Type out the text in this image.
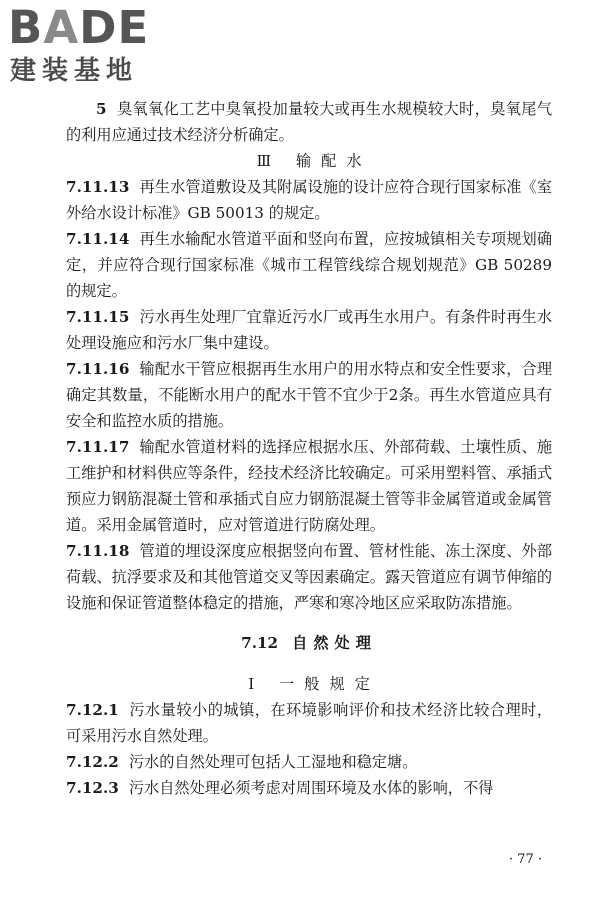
BADE
建装基地

5 臭氧氧化工艺中臭氧投加量较大或再生水规模较大时，臭氧尾气的利用应通过技术经济分析确定。

Ⅲ 输配水

7.11.13 再生水管道敷设及其附属设施的设计应符合现行国家标准《室外给水设计标准》GB 50013 的规定。

7.11.14 再生水输配水管道平面和竖向布置，应按城镇相关专项规划确定，并应符合现行国家标准《城市工程管线综合规划规范》GB 50289 的规定。

7.11.15 污水再生处理厂宜靠近污水厂或再生水用户。有条件时再生水处理设施应和污水厂集中建设。

7.11.16 输配水干管应根据再生水用户的用水特点和安全性要求，合理确定其数量，不能断水用户的配水干管不宜少于2条。再生水管道应具有安全和监控水质的措施。

7.11.17 输配水管道材料的选择应根据水压、外部荷载、土壤性质、施工维护和材料供应等条件，经技术经济比较确定。可采用塑料管、承插式预应力钢筋混凝土管和承插式自应力钢筋混凝土管等非金属管道或金属管道。采用金属管道时，应对管道进行防腐处理。

7.11.18 管道的埋设深度应根据竖向布置、管材性能、冻土深度、外部荷载、抗浮要求及和其他管道交叉等因素确定。露天管道应有调节伸缩的设施和保证管道整体稳定的措施，严寒和寒冷地区应采取防冻措施。

7.12 自然处理

Ⅰ 一般规定

7.12.1 污水量较小的城镇，在环境影响评价和技术经济比较合理时，可采用污水自然处理。

7.12.2 污水的自然处理可包括人工湿地和稳定塘。

7.12.3 污水自然处理必须考虑对周围环境及水体的影响，不得

· 77 ·
